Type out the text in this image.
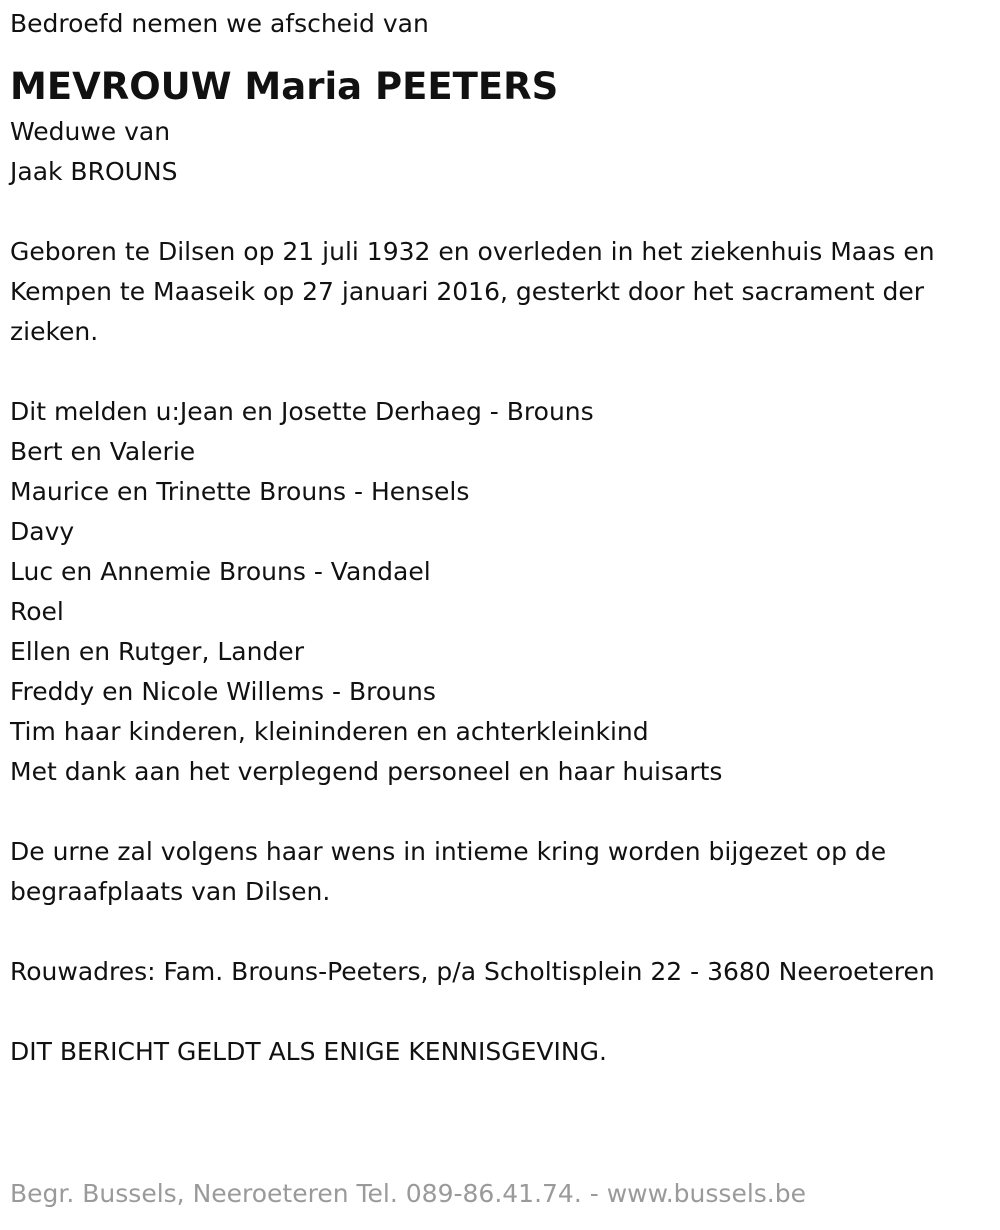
Bedroefd nemen we afscheid van

MEVROUW Maria PEETERS

Weduwe van

Jaak BROUNS

Geboren te Dilsen op 21 juli 1932 en overleden in het ziekenhuis Maas en Kempen te Maaseik op 27 januari 2016, gesterkt door het sacrament der zieken.

Dit melden u:Jean en Josette Derhaeg - Brouns
Bert en Valerie
Maurice en Trinette Brouns - Hensels
Davy
Luc en Annemie Brouns - Vandael
Roel
Ellen en Rutger, Lander
Freddy en Nicole Willems - Brouns
Tim haar kinderen, kleininderen en achterkleinkind
Met dank aan het verplegend personeel en haar huisarts

De urne zal volgens haar wens in intieme kring worden bijgezet op de begraafplaats van Dilsen.

Rouwadres: Fam. Brouns-Peeters, p/a Scholtisplein 22 - 3680 Neeroeteren

DIT BERICHT GELDT ALS ENIGE KENNISGEVING.

Begr. Bussels, Neeroeteren Tel. 089-86.41.74. - www.bussels.be
